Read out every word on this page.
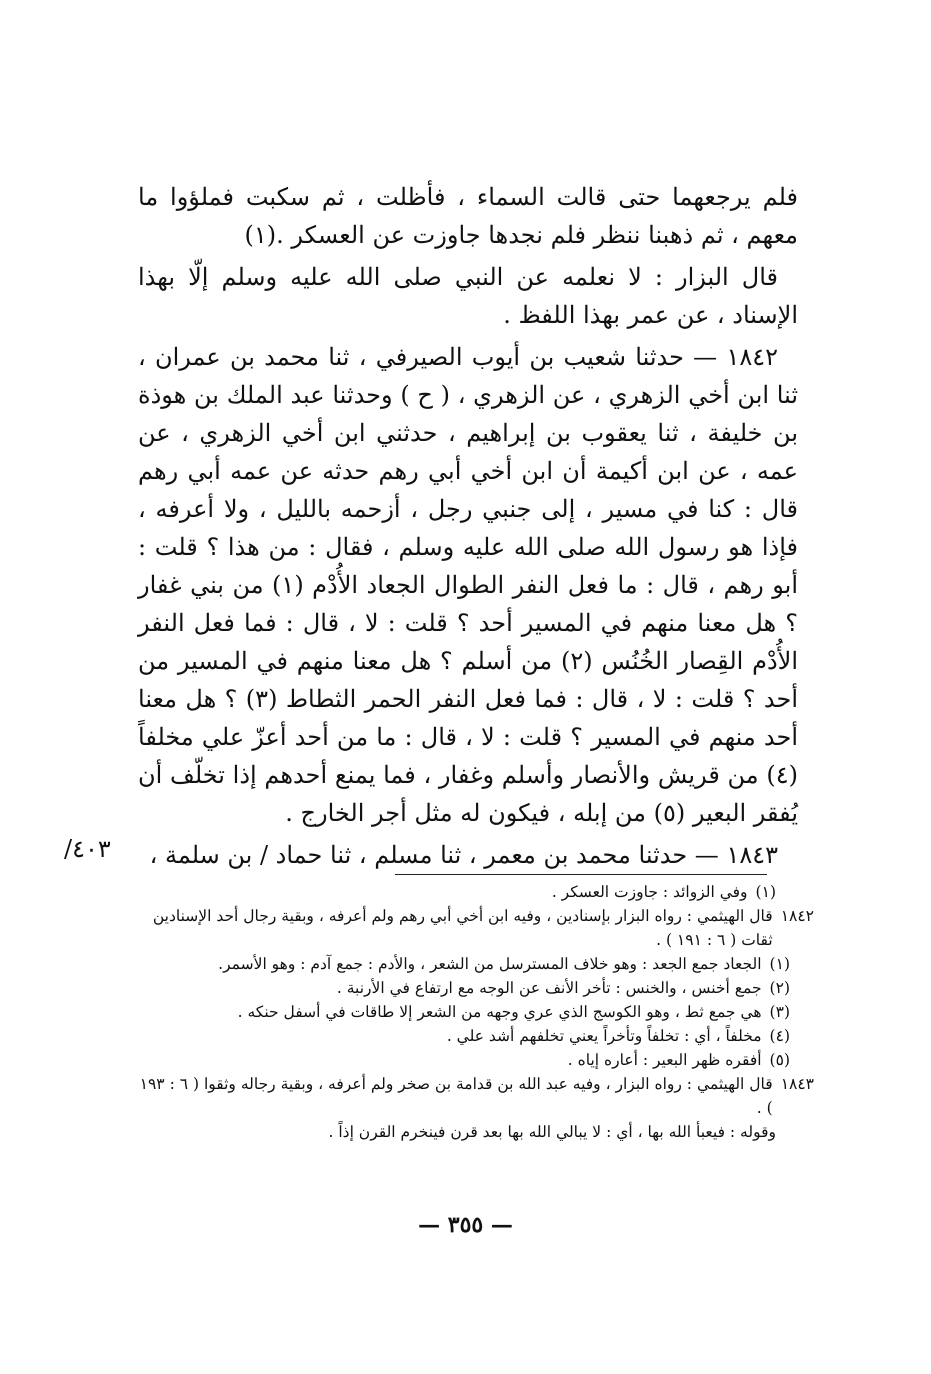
فلم يرجعهما حتى قالت السماء ، فأظلت ، ثم سكبت فملؤوا ما معهم ، ثم ذهبنا ننظر فلم نجدها جاوزت عن العسكر .(١)

قال البزار : لا نعلمه عن النبي صلى الله عليه وسلم إلّا بهذا الإسناد ، عن عمر بهذا اللفظ .

١٨٤٢ — حدثنا شعيب بن أيوب الصيرفي ، ثنا محمد بن عمران ، ثنا ابن أخي الزهري ، عن الزهري ، ( ح ) وحدثنا عبد الملك بن هوذة بن خليفة ، ثنا يعقوب بن إبراهيم ، حدثني ابن أخي الزهري ، عن عمه ، عن ابن أكيمة أن ابن أخي أبي رهم حدثه عن عمه أبي رهم قال : كنا في مسير ، إلى جنبي رجل ، أزحمه بالليل ، ولا أعرفه ، فإذا هو رسول الله صلى الله عليه وسلم ، فقال : من هذا ؟ قلت : أبو رهم ، قال : ما فعل النفر الطوال الجعاد الأُدْم (١) من بني غفار ؟ هل معنا منهم في المسير أحد ؟ قلت : لا ، قال : فما فعل النفر الأُدْم القِصار الخُنُس (٢) من أسلم ؟ هل معنا منهم في المسير من أحد ؟ قلت : لا ، قال : فما فعل النفر الحمر الثطاط (٣) ؟ هل معنا أحد منهم في المسير ؟ قلت : لا ، قال : ما من أحد أعزّ علي مخلفاً (٤) من قريش والأنصار وأسلم وغفار ، فما يمنع أحدهم إذا تخلّف أن يُفقر البعير (٥) من إبله ، فيكون له مثل أجر الخارج .

١٨٤٣ — حدثنا محمد بن معمر ، ثنا مسلم ، ثنا حماد / بن سلمة ،

٤٠٣/
(١)
وفي الزوائد : جاوزت العسكر .
١٨٤٢
قال الهيثمي : رواه البزار بإسنادين ، وفيه ابن أخي أبي رهم ولم أعرفه ، وبقية رجال أحد الإسنادين ثقات ( ٦ : ١٩١ ) .
(١)
الجعاد جمع الجعد : وهو خلاف المسترسل من الشعر ، والأدم : جمع آدم : وهو الأسمر.
(٢)
جمع أخنس ، والخنس : تأخر الأنف عن الوجه مع ارتفاع في الأرنبة .
(٣)
هي جمع ثط ، وهو الكوسج الذي عري وجهه من الشعر إلا طاقات في أسفل حنكه .
(٤)
مخلفاً ، أي : تخلفاً وتأخراً يعني تخلفهم أشد علي .
(٥)
أفقره ظهر البعير : أعاره إياه .
١٨٤٣
قال الهيثمي : رواه البزار ، وفيه عبد الله بن قدامة بن صخر ولم أعرفه ، وبقية رجاله وثقوا ( ٦ : ١٩٣ ) .
وقوله : فيعبأ الله بها ، أي : لا يبالي الله بها بعد قرن فينخرم القرن إذاً .
— ٣٥٥ —
